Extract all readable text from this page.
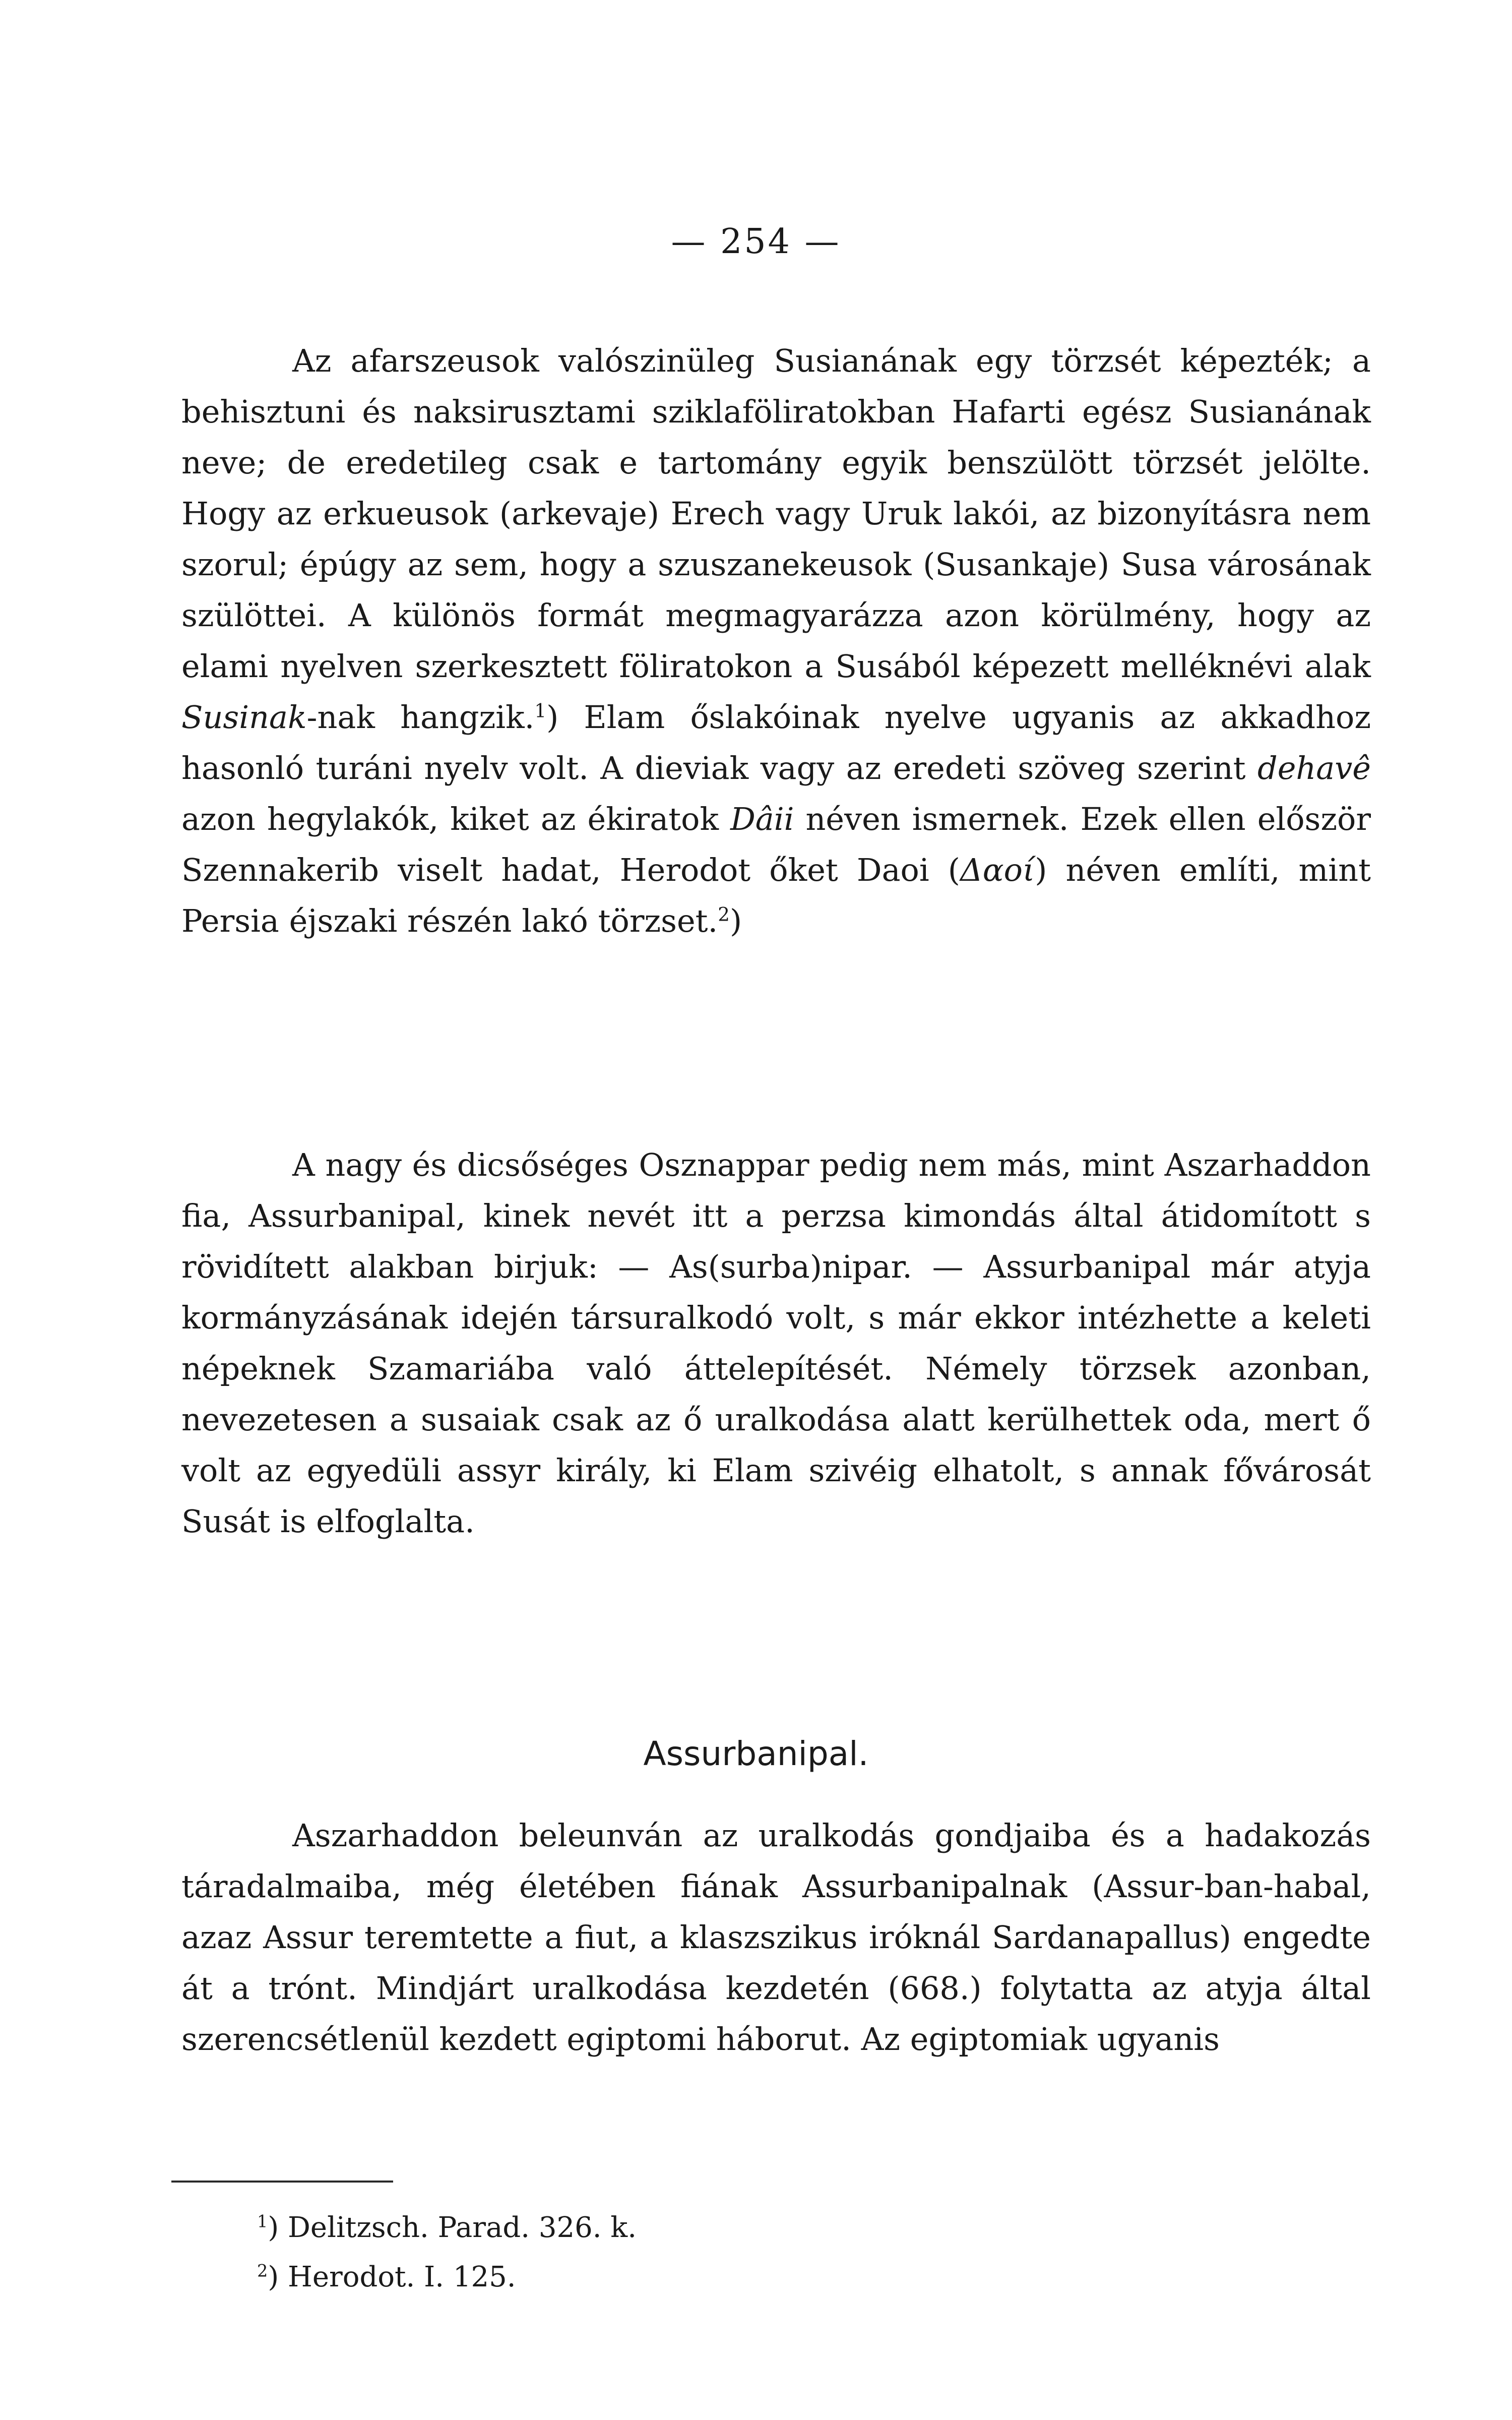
— 254 —

Az afarszeusok valószinüleg Susianának egy törzsét képezték; a behisztuni és naksirusztami sziklaföliratokban Hafarti egész Susianának neve; de eredetileg csak e tartomány egyik benszülött törzsét jelölte. Hogy az erkueusok (arkevaje) Erech vagy Uruk lakói, az bizonyításra nem szorul; épúgy az sem, hogy a szuszanekeusok (Susankaje) Susa városának szülöttei. A különös formát megmagyarázza azon körülmény, hogy az elami nyelven szerkesztett föliratokon a Susából képezett melléknévi alak Susinak-nak hangzik.$^1$) Elam őslakóinak nyelve ugyanis az akkadhoz hasonló turáni nyelv volt. A dieviak vagy az eredeti szöveg szerint dehavê azon hegylakók, kiket az ékiratok Dâii néven ismernek. Ezek ellen először Szennakerib viselt hadat, Herodot őket Daoi (Δαοί) néven említi, mint Persia éjszaki részén lakó törzset.$^2$)

A nagy és dicsőséges Osznappar pedig nem más, mint Aszarhaddon fia, Assurbanipal, kinek nevét itt a perzsa kimondás által átidomított s rövidített alakban birjuk: — As(surba)nipar. — Assurbanipal már atyja kormányzásának idején társuralkodó volt, s már ekkor intézhette a keleti népeknek Szamariába való áttelepítését. Némely törzsek azonban, nevezetesen a susaiak csak az ő uralkodása alatt kerülhettek oda, mert ő volt az egyedüli assyr király, ki Elam szivéig elhatolt, s annak fővárosát Susát is elfoglalta.

Assurbanipal.

Aszarhaddon beleunván az uralkodás gondjaiba és a hadakozás táradalmaiba, még életében fiának Assurbanipalnak (Assur-ban-habal, azaz Assur teremtette a fiut, a klaszszikus iróknál Sardanapallus) engedte át a trónt. Mindjárt uralkodása kezdetén (668.) folytatta az atyja által szerencsétlenül kezdett egiptomi háborut. Az egiptomiak ugyanis

$^1$) Delitzsch. Parad. 326. k.
$^2$) Herodot. I. 125.
